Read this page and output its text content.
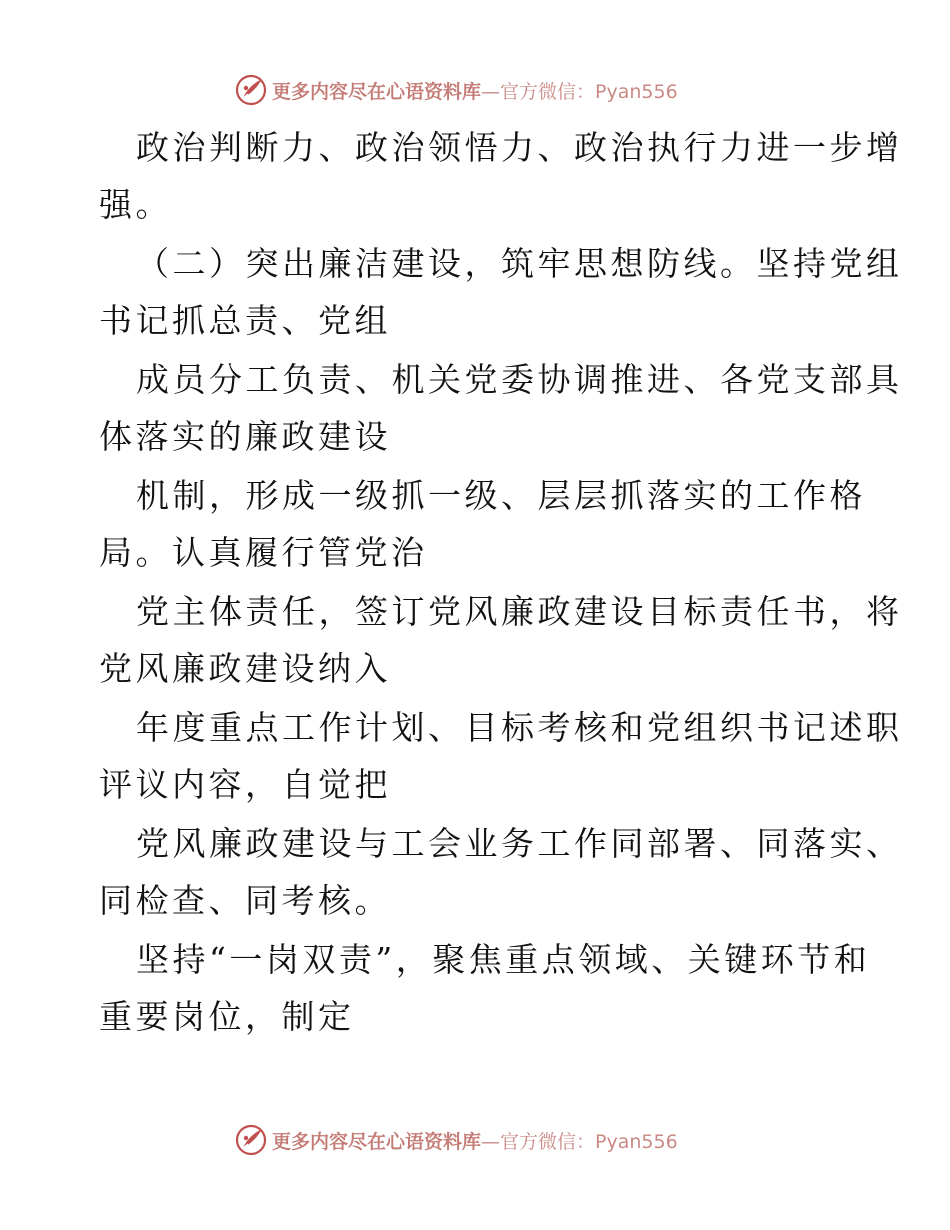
更多内容尽在心语资料库—官方微信：Pyan556
政治判断力、政治领悟力、政治执行力进一步增
强。
（二）突出廉洁建设，筑牢思想防线。坚持党组
书记抓总责、党组
成员分工负责、机关党委协调推进、各党支部具
体落实的廉政建设
机制，形成一级抓一级、层层抓落实的工作格
局。认真履行管党治
党主体责任，签订党风廉政建设目标责任书，将
党风廉政建设纳入
年度重点工作计划、目标考核和党组织书记述职
评议内容，自觉把
党风廉政建设与工会业务工作同部署、同落实、
同检查、同考核。
坚持“一岗双责”，聚焦重点领域、关键环节和
重要岗位，制定
更多内容尽在心语资料库—官方微信：Pyan556
